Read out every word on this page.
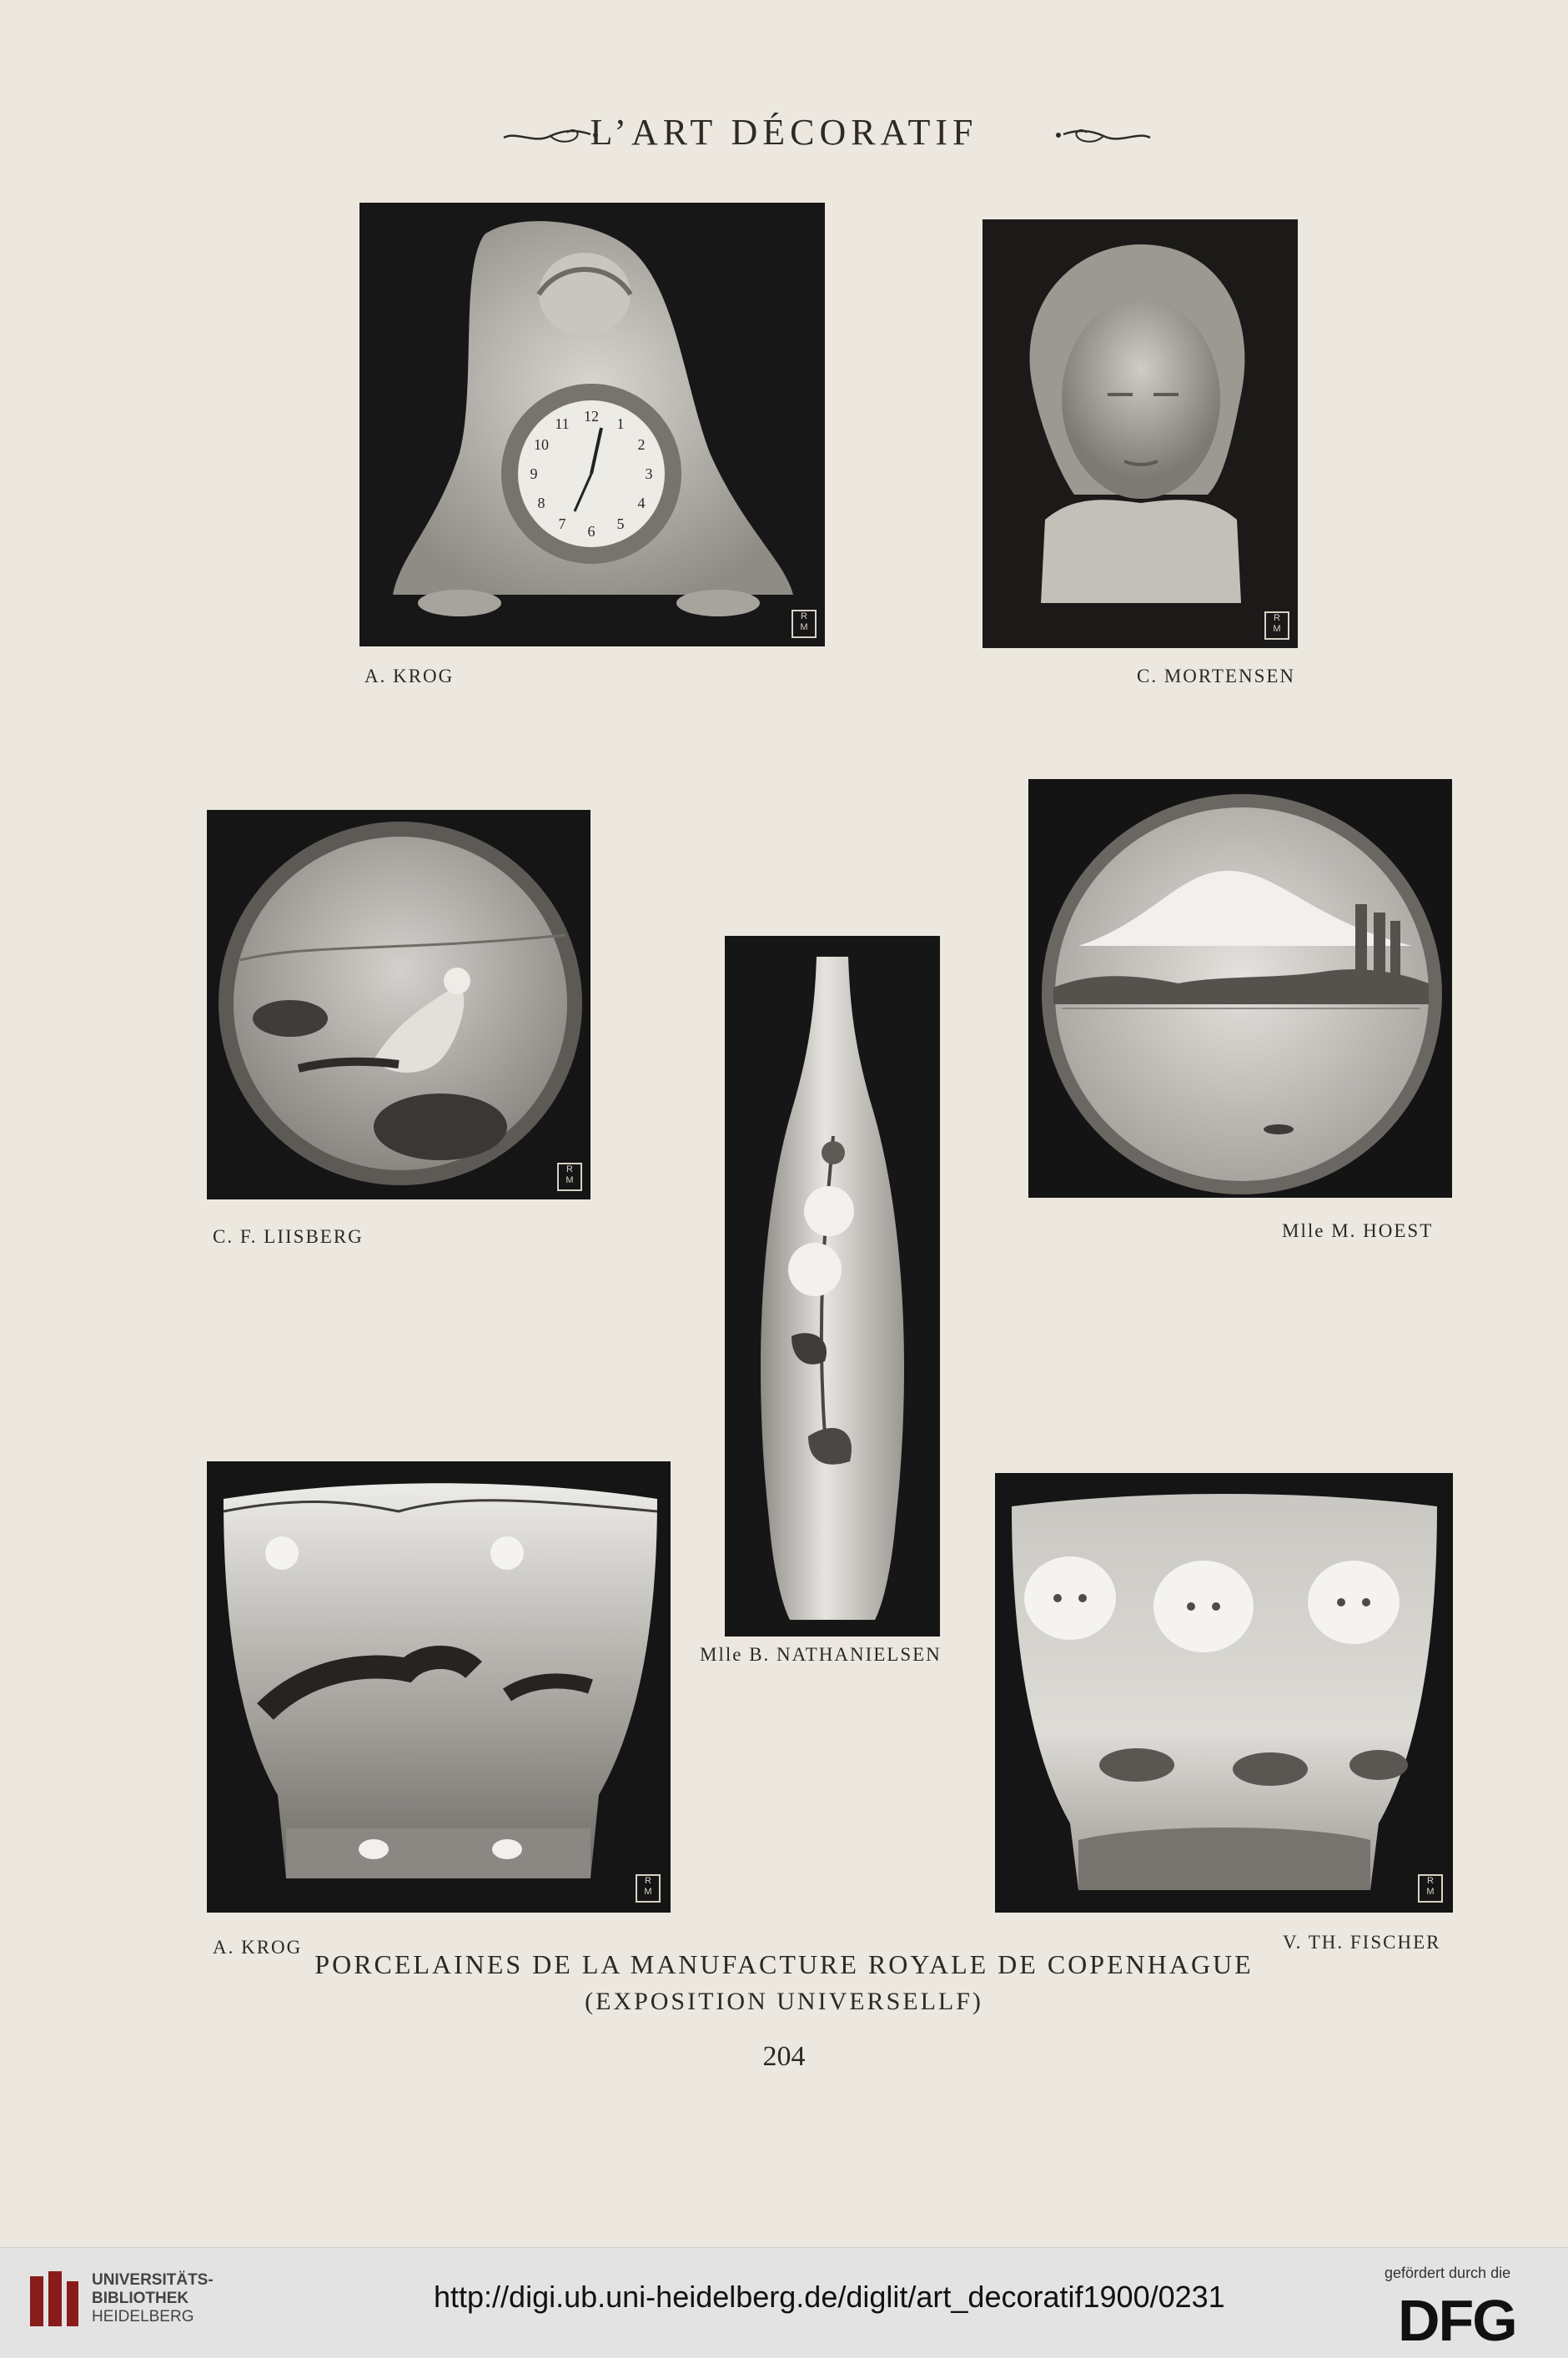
L’ART DÉCORATIF
12 1
2
3
4
5
6
7
8
9
10
11
R
M
A. KROG
R
M
C. MORTENSEN
R
M
C. F. LIISBERG
Mlle B. NATHANIELSEN
Mlle M. HOEST
R
M
A. KROG
R
M
V. TH. FISCHER
PORCELAINES DE LA MANUFACTURE ROYALE DE COPENHAGUE
(EXPOSITION UNIVERSELLF)
204
UNIVERSITÄTS-
BIBLIOTHEK
HEIDELBERG
http://digi.ub.uni-heidelberg.de/diglit/art_decoratif1900/0231
gefördert durch die
DFG
